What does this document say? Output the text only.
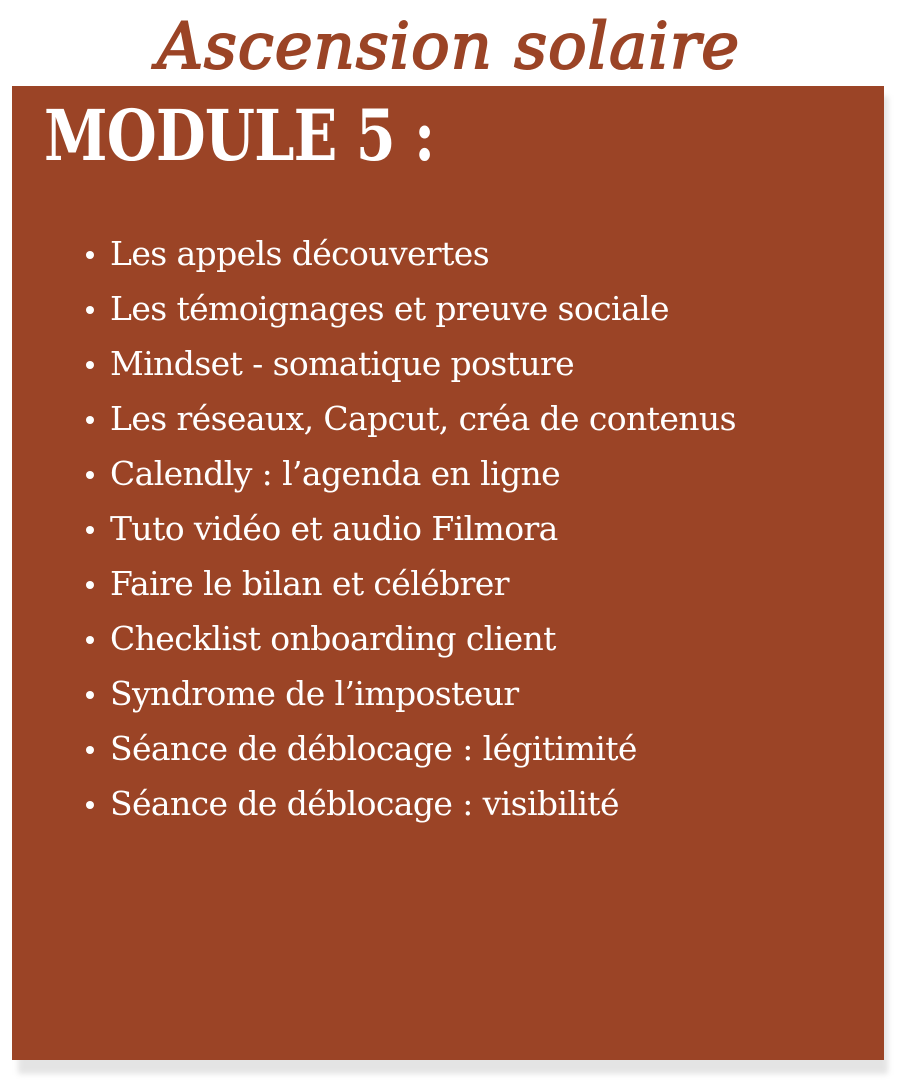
Ascension solaire
MODULE 5 :
Les appels découvertes
Les témoignages et preuve sociale
Mindset - somatique posture
Les réseaux, Capcut, créa de contenus
Calendly : l’agenda en ligne
Tuto vidéo et audio Filmora
Faire le bilan et célébrer
Checklist onboarding client
Syndrome de l’imposteur
Séance de déblocage : légitimité
Séance de déblocage : visibilité
